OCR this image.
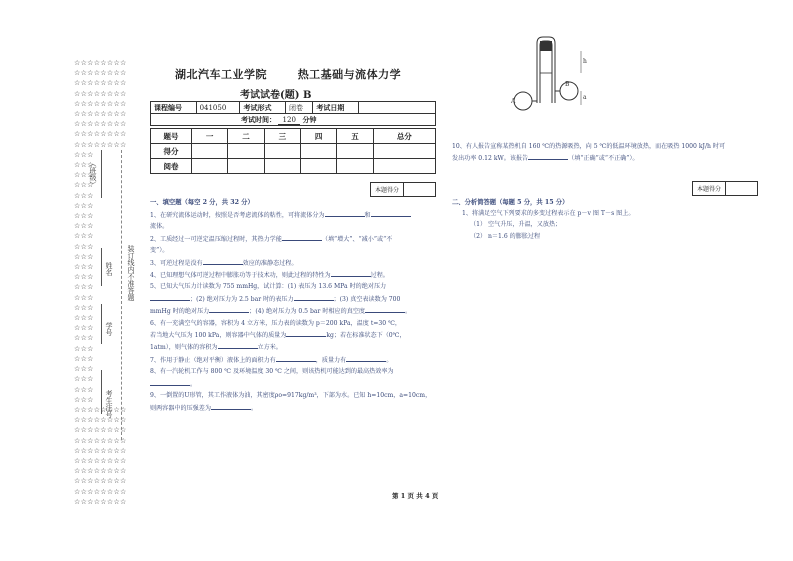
☆☆☆☆☆☆☆☆
☆☆☆☆☆☆☆☆
☆☆☆☆☆☆☆☆
☆☆☆☆☆☆☆☆
☆☆☆☆☆☆☆☆
☆☆☆☆☆☆☆☆
☆☆☆☆☆☆☆☆
☆☆☆☆☆☆☆☆
☆☆☆☆☆☆☆☆
☆☆☆
☆☆☆
☆☆☆
☆☆☆
☆☆☆
☆☆☆
☆☆☆
☆☆☆
☆☆☆
☆☆☆
☆☆☆
☆☆☆
☆☆☆
☆☆☆
☆☆☆
☆☆☆
☆☆☆
☆☆☆
☆☆☆
☆☆☆
☆☆☆
☆☆☆
☆☆☆
☆☆☆
☆☆☆
☆☆☆☆☆☆☆☆
☆☆☆☆☆☆☆☆
☆☆☆☆☆☆☆☆
☆☆☆☆☆☆☆☆
☆☆☆☆☆☆☆☆
☆☆☆☆☆☆☆☆
☆☆☆☆☆☆☆☆
☆☆☆☆☆☆☆☆
☆☆☆☆☆☆☆☆
☆☆☆☆☆☆☆☆
（班级）
姓名
学号
考生注号
装订线内不准答题
湖北汽车工业学院	热工基础与流体力学
考试试卷(题) B
课程编号	041050	考试形式	闭卷	考试日期	
考试时间： 120 分钟
题号	一	二	三	四	五	总分
得分						
阅卷						
本题得分
一、填空题（每空 2 分，共 32 分）

1、在研究流体运动时，按照是否考虑流体的粘性，可将流体分为	和

流体。

2、工质经过一可逆定温压缩过程时，其热力学能	（填“增大”、“减小”或“不

变”）。

3、可逆过程是没有	效应的准静态过程。

4、已知理想气体可逆过程中膨胀功等于技术功，则此过程的特性为	过程。

5、已知大气压力计读数为 755 mmHg，试计算：(1) 表压为 13.6 MPa 时的绝对压力

；(2) 绝对压力为 2.5 bar 时的表压力	；(3) 真空表读数为 700

mmHg 时的绝对压力	；(4) 绝对压力为 0.5 bar 时相应的真空度	。

6、有一充满空气的容器，容积为 4 立方米，压力表的读数为 p＝200 kPa，温度 t=30 ℃，

若当地大气压为 100 kPa，则容器中气体的质量为	kg；若在标准状态下（0℃，

1atm），则气体的容积为	立方米。

7、作用于静止（绝对平衡）液体上的面积力有	，质量力有	。

8、有一汽轮机工作与 800 ℃ 及环境温度 30 ℃ 之间，则该热机可能达到的最高热效率为

。

9、一倒置的U形管，其工作液体为油，其密度ρo=917kg/m³，下部为水。已知 h=10cm，a=10cm，

则两容器中的压强差为	。

h
a
A
B

10、有人报告宣称某热机自 160 ℃的热源吸热，向 5 ℃的低温环境放热，而在吸热 1000 kJ/h 时可

发出功率 0.12 kW。该报告	（填“正确”或“不正确”）。

本题得分
二、分析简答题（每题 5 分，共 15 分）

1、将满足空气下列要求的多变过程表示在 p－v 图 T－s 图上。

（1） 空气升压，升温，又放热；

（2） n＝1.6 的膨胀过程

第 1 页 共 4 页
